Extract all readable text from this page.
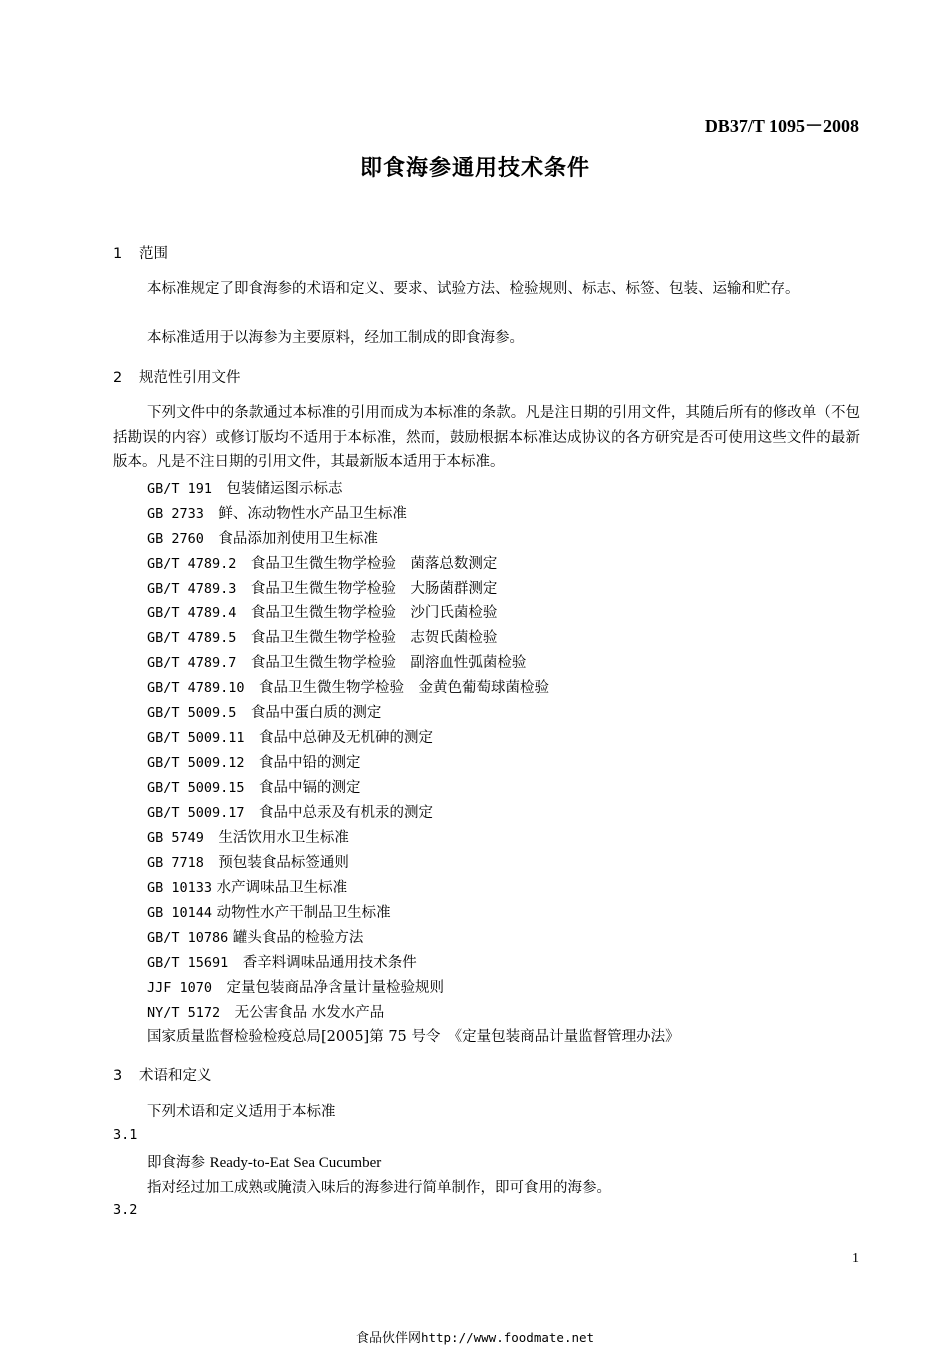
DB37/T 1095－2008
即食海参通用技术条件
1 范围
本标准规定了即食海参的术语和定义、要求、试验方法、检验规则、标志、标签、包装、运输和贮存。
本标准适用于以海参为主要原料，经加工制成的即食海参。
2 规范性引用文件
下列文件中的条款通过本标准的引用而成为本标准的条款。凡是注日期的引用文件，其随后所有的修改单（不包括勘误的内容）或修订版均不适用于本标准，然而，鼓励根据本标准达成协议的各方研究是否可使用这些文件的最新版本。凡是不注日期的引用文件，其最新版本适用于本标准。
GB/T 191　 包装储运图示标志
GB 2733　 鲜、冻动物性水产品卫生标准
GB 2760　 食品添加剂使用卫生标准
GB/T 4789.2　 食品卫生微生物学检验　菌落总数测定
GB/T 4789.3　 食品卫生微生物学检验　大肠菌群测定
GB/T 4789.4　 食品卫生微生物学检验　沙门氏菌检验
GB/T 4789.5　 食品卫生微生物学检验　志贺氏菌检验
GB/T 4789.7　 食品卫生微生物学检验　副溶血性弧菌检验
GB/T 4789.10　 食品卫生微生物学检验　金黄色葡萄球菌检验
GB/T 5009.5　 食品中蛋白质的测定
GB/T 5009.11　 食品中总砷及无机砷的测定
GB/T 5009.12　 食品中铅的测定
GB/T 5009.15　 食品中镉的测定
GB/T 5009.17　 食品中总汞及有机汞的测定
GB 5749　 生活饮用水卫生标准
GB 7718　 预包装食品标签通则
GB 10133 水产调味品卫生标准
GB 10144 动物性水产干制品卫生标准
GB/T 10786 罐头食品的检验方法
GB/T 15691　 香辛料调味品通用技术条件
JJF 1070　 定量包装商品净含量计量检验规则
NY/T 5172　 无公害食品 水发水产品
国家质量监督检验检疫总局[2005]第 75 号令　《定量包装商品计量监督管理办法》
3 术语和定义
下列术语和定义适用于本标准
3.1
即食海参 Ready-to-Eat Sea Cucumber
指对经过加工成熟或腌渍入味后的海参进行简单制作，即可食用的海参。
3.2
1
食品伙伴网http://www.foodmate.net
